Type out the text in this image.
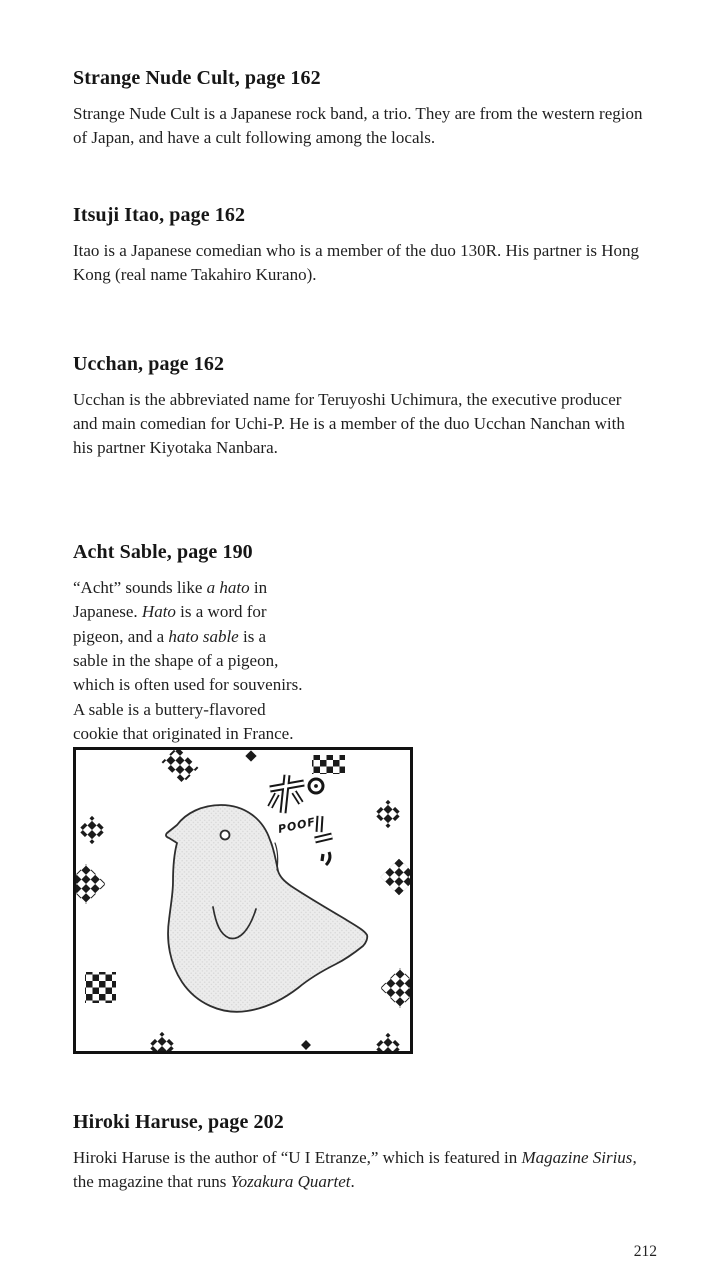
Strange Nude Cult, page 162

Strange Nude Cult is a Japanese rock band, a trio. They are from the western region of Japan, and have a cult following among the locals.

Itsuji Itao, page 162

Itao is a Japanese comedian who is a member of the duo 130R. His partner is Hong Kong (real name Takahiro Kurano).

Ucchan, page 162

Ucchan is the abbreviated name for Teruyoshi Uchimura, the executive producer and main comedian for Uchi-P. He is a member of the duo Ucchan Nanchan with his partner Kiyotaka Nanbara.

Acht Sable, page 190

“Acht” sounds like a hato in Japanese. Hato is a word for pigeon, and a hato sable is a sable in the shape of a pigeon, which is often used for souvenirs. A sable is a buttery-flavored cookie that originated in France.

POOF
Hiroki Haruse, page 202

Hiroki Haruse is the author of “U I Etranze,” which is featured in Magazine Sirius, the magazine that runs Yozakura Quartet.

212
